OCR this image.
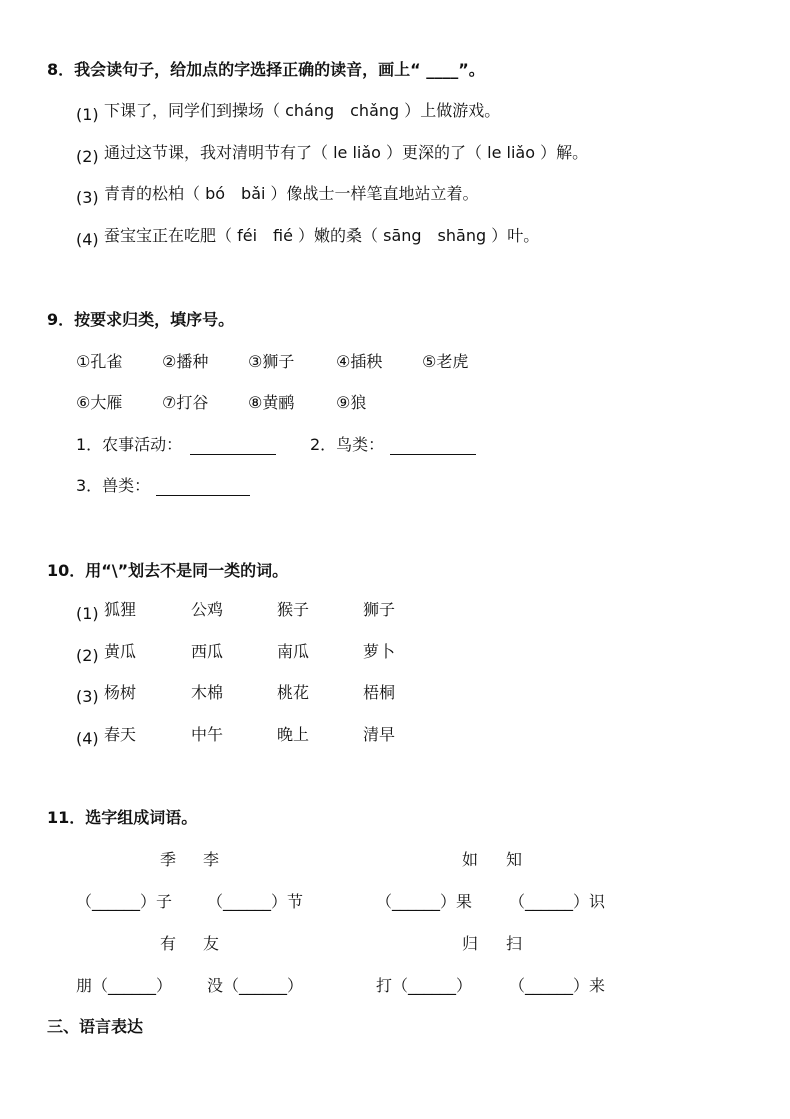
8．我会读句子，给加点的字选择正确的读音，画上“ ____”。
(1) 下课了，同学们到操场（ cháng　chǎng ）上做游戏。
(2) 通过这节课，我对清明节有了（ le liǎo ）更深的了（ le liǎo ）解。
(3) 青青的松柏（ bó　bǎi ）像战士一样笔直地站立着。
(4) 蚕宝宝正在吃肥（ féi　fié ）嫩的桑（ sāng　shāng ）叶。
9．按要求归类，填序号。
①孔雀 ②播种 ③狮子	④插秧 ⑤老虎
⑥大雁 ⑦打谷 ⑧黄鹂	⑨狼
1．农事活动：	2．鸟类：
3．兽类：
10．用“\”划去不是同一类的词。
(1) 狐狸	公鸡	猴子	狮子
(2) 黄瓜	西瓜	南瓜	萝卜
(3) 杨树	木棉	桃花	梧桐
(4) 春天	中午	晚上	清早
11．选字组成词语。
季 李	如 知
（______）子 （______）节	（______）果 （______）识
有 友	归 扫
朋（______） 没（______）	打（______） （______）来
三、语言表达
